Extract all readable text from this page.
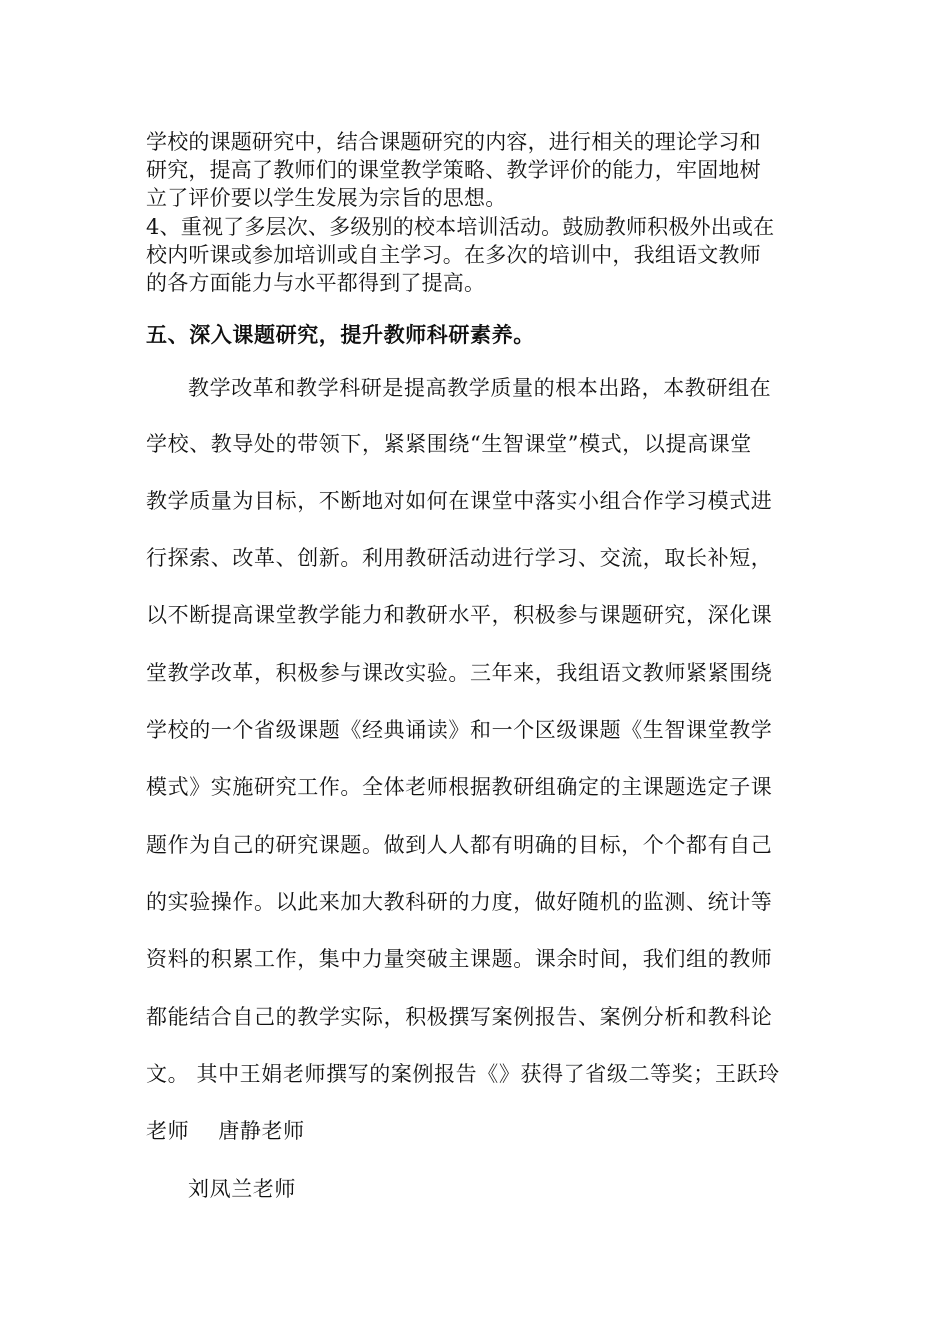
学校的课题研究中，结合课题研究的内容，进行相关的理论学习和
研究，提高了教师们的课堂教学策略、教学评价的能力，牢固地树
立了评价要以学生发展为宗旨的思想。
4、重视了多层次、多级别的校本培训活动。鼓励教师积极外出或在
校内听课或参加培训或自主学习。在多次的培训中，我组语文教师
的各方面能力与水平都得到了提高。
五、深入课题研究，提升教师科研素养。
教学改革和教学科研是提高教学质量的根本出路，本教研组在
学校、教导处的带领下，紧紧围绕“生智课堂”模式，以提高课堂
教学质量为目标，不断地对如何在课堂中落实小组合作学习模式进
行探索、改革、创新。利用教研活动进行学习、交流，取长补短，
以不断提高课堂教学能力和教研水平，积极参与课题研究，深化课
堂教学改革，积极参与课改实验。三年来，我组语文教师紧紧围绕
学校的一个省级课题《经典诵读》和一个区级课题《生智课堂教学
模式》实施研究工作。全体老师根据教研组确定的主课题选定子课
题作为自己的研究课题。做到人人都有明确的目标，个个都有自己
的实验操作。以此来加大教科研的力度，做好随机的监测、统计等
资料的积累工作，集中力量突破主课题。课余时间，我们组的教师
都能结合自己的教学实际，积极撰写案例报告、案例分析和教科论
文。 其中王娟老师撰写的案例报告《》获得了省级二等奖；王跃玲
老师    唐静老师
刘凤兰老师
